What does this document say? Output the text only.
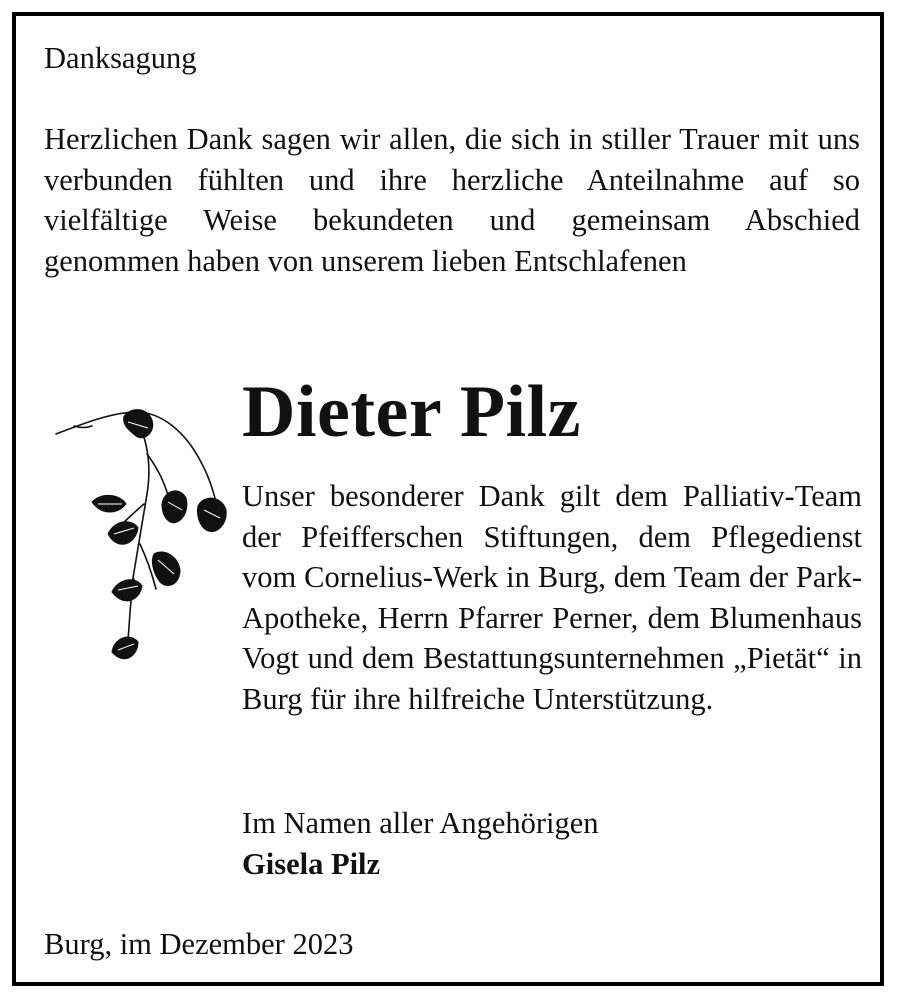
Danksagung
Herzlichen Dank sagen wir allen, die sich in stiller Trauer mit uns verbunden fühlten und ihre herzliche Anteilnahme auf so vielfältige Weise bekundeten und gemeinsam Abschied genommen haben von unserem lieben Entschlafenen
Dieter Pilz
Unser besonderer Dank gilt dem Palliativ-Team der Pfeifferschen Stiftungen, dem Pflegedienst vom Cornelius-Werk in Burg, dem Team der Park-Apotheke, Herrn Pfarrer Perner, dem Blumenhaus Vogt und dem Bestattungsunternehmen „Pietät“ in Burg für ihre hilfreiche Unterstützung.
Im Namen aller Angehörigen
Gisela Pilz
Burg, im Dezember 2023
